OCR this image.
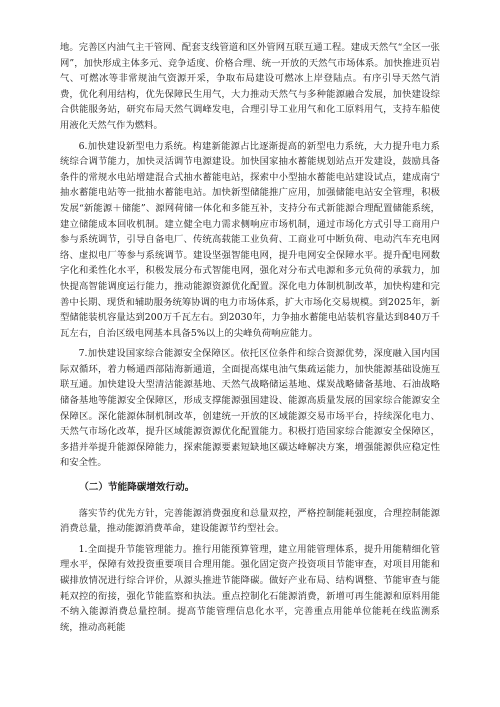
地。完善区内油气主干管网、配套支线管道和区外管网互联互通工程。建成天然气“全区一张网”，加快形成主体多元、竞争适度、价格合理、统一开放的天然气市场体系。加快推进页岩气、可燃冰等非常规油气资源开采，争取布局建设可燃冰上岸登陆点。有序引导天然气消费，优化利用结构，优先保障民生用气，大力推动天然气与多种能源融合发展，加快建设综合供能服务站，研究布局天然气调峰发电，合理引导工业用气和化工原料用气，支持车船使用液化天然气作为燃料。

6.加快建设新型电力系统。构建新能源占比逐渐提高的新型电力系统，大力提升电力系统综合调节能力，加快灵活调节电源建设。加快国家抽水蓄能规划站点开发建设，鼓励具备条件的常规水电站增建混合式抽水蓄能电站，探索中小型抽水蓄能电站建设试点，建成南宁抽水蓄能电站等一批抽水蓄能电站。加快新型储能推广应用，加强储能电站安全管理，积极发展“新能源＋储能”、源网荷储一体化和多能互补，支持分布式新能源合理配置储能系统，建立储能成本回收机制。建立健全电力需求侧响应市场机制，通过市场化方式引导工商用户参与系统调节，引导自备电厂、传统高载能工业负荷、工商业可中断负荷、电动汽车充电网络、虚拟电厂等参与系统调节。建设坚强智能电网，提升电网安全保障水平。提升配电网数字化和柔性化水平，积极发展分布式智能电网，强化对分布式电源和多元负荷的承载力，加快提高智能调度运行能力，推动能源资源优化配置。深化电力体制机制改革，加快构建和完善中长期、现货和辅助服务统筹协调的电力市场体系，扩大市场化交易规模。到2025年，新型储能装机容量达到200万千瓦左右。到2030年，力争抽水蓄能电站装机容量达到840万千瓦左右，自治区级电网基本具备5%以上的尖峰负荷响应能力。

7.加快建设国家综合能源安全保障区。依托区位条件和综合资源优势，深度融入国内国际双循环，着力畅通西部陆海新通道，全面提高煤电油气集疏运能力，加快能源基础设施互联互通。加快建设大型清洁能源基地、天然气战略储运基地、煤炭战略储备基地、石油战略储备基地等能源安全保障区，形成支撑能源强国建设、能源高质量发展的国家综合能源安全保障区。深化能源体制机制改革，创建统一开放的区域能源交易市场平台，持续深化电力、天然气市场化改革，提升区域能源资源优化配置能力。积极打造国家综合能源安全保障区，多措并举提升能源保障能力，探索能源要素短缺地区碳达峰解决方案，增强能源供应稳定性和安全性。

（二）节能降碳增效行动。

落实节约优先方针，完善能源消费强度和总量双控，严格控制能耗强度，合理控制能源消费总量，推动能源消费革命，建设能源节约型社会。

1.全面提升节能管理能力。推行用能预算管理，建立用能管理体系，提升用能精细化管理水平，保障有效投资重要项目合理用能。强化固定资产投资项目节能审查，对项目用能和碳排放情况进行综合评价，从源头推进节能降碳。做好产业布局、结构调整、节能审查与能耗双控的衔接，强化节能监察和执法。重点控制化石能源消费，新增可再生能源和原料用能不纳入能源消费总量控制。提高节能管理信息化水平，完善重点用能单位能耗在线监测系统，推动高耗能
